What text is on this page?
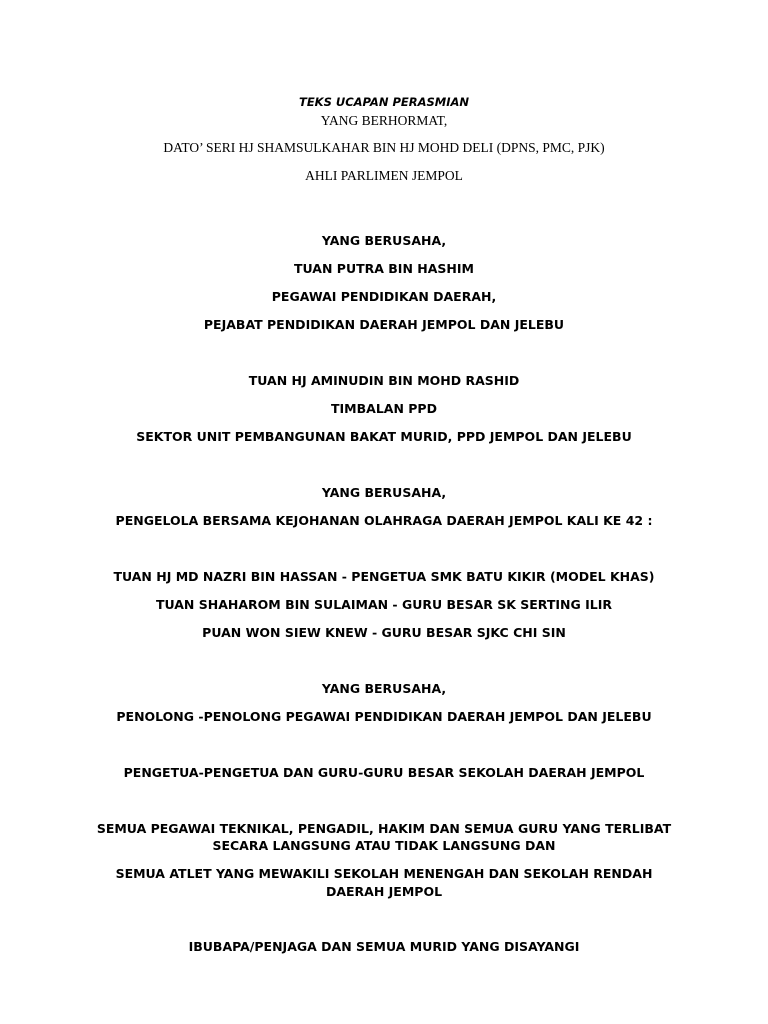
TEKS UCAPAN PERASMIAN
YANG BERHORMAT,
DATO’ SERI HJ SHAMSULKAHAR BIN HJ MOHD DELI (DPNS, PMC, PJK)
AHLI PARLIMEN JEMPOL
YANG BERUSAHA,
TUAN PUTRA BIN HASHIM
PEGAWAI PENDIDIKAN DAERAH,
PEJABAT PENDIDIKAN DAERAH JEMPOL DAN JELEBU
TUAN HJ AMINUDIN BIN MOHD RASHID
TIMBALAN PPD
SEKTOR UNIT PEMBANGUNAN BAKAT MURID, PPD JEMPOL DAN JELEBU
YANG BERUSAHA,
PENGELOLA BERSAMA KEJOHANAN OLAHRAGA DAERAH JEMPOL KALI KE 42 :
TUAN HJ MD NAZRI BIN HASSAN - PENGETUA SMK BATU KIKIR (MODEL KHAS)
TUAN SHAHAROM BIN SULAIMAN - GURU BESAR SK SERTING ILIR
PUAN WON SIEW KNEW - GURU BESAR SJKC CHI SIN
YANG BERUSAHA,
PENOLONG -PENOLONG PEGAWAI PENDIDIKAN DAERAH JEMPOL DAN JELEBU
PENGETUA-PENGETUA DAN GURU-GURU BESAR SEKOLAH DAERAH JEMPOL
SEMUA PEGAWAI TEKNIKAL, PENGADIL, HAKIM DAN SEMUA GURU YANG TERLIBAT
SECARA LANGSUNG ATAU TIDAK LANGSUNG DAN
SEMUA ATLET YANG MEWAKILI SEKOLAH MENENGAH DAN SEKOLAH RENDAH
DAERAH JEMPOL
IBUBAPA/PENJAGA DAN SEMUA MURID YANG DISAYANGI
